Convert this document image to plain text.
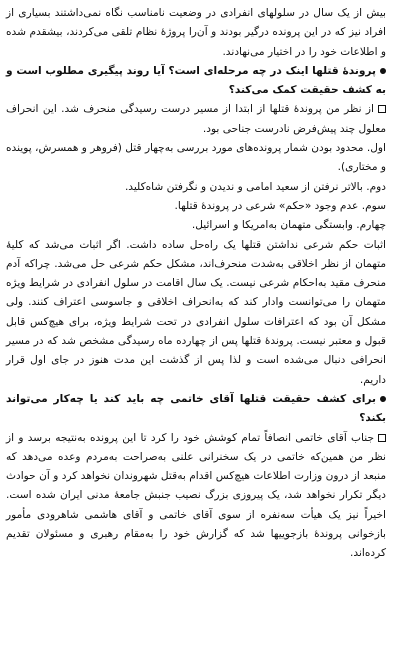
بیش از یک سال در سلولهای انفرادی در وضعیت نامناسب نگاه نمی‌داشتند بسیاری از افراد نیز که در این پرونده درگیر بودند و آن‌را پروژهٔ نظام تلقی می‌کردند، بیشقدم شده و اطلاعات خود را در اختیار می‌نهادند.

پروندهٔ قتلها اینک در چه مرحله‌ای است؟ آیا روند پیگیری مطلوب است و به کشف حقیقت کمک می‌کند؟

از نظر من پروندهٔ قتلها از ابتدا از مسیر درست رسیدگی منحرف شد. این انحراف معلول چند پیش‌فرض نادرست جناحی بود.

اول. محدود بودن شمار پرونده‌های مورد بررسی به‌چهار قتل (فروهر و همسرش، پوینده و مختاری).

دوم. بالاتر نرفتن از سعید امامی و ندیدن و نگرفتن شاه‌کلید.

سوم. عدم وجود «حکم» شرعی در پروندهٔ قتلها.

چهارم. وابستگی متهمان به‌امریکا و اسرائیل.

اثبات حکم شرعی نداشتن قتلها یک راه‌حل ساده داشت. اگر اثبات می‌شد که کلیهٔ متهمان از نظر اخلاقی به‌شدت منحرف‌اند، مشکل حکم شرعی حل می‌شد. چراکه آدم منحرف مقید به‌احکام شرعی نیست. یک سال اقامت در سلول انفرادی در شرایط ویژه متهمان را می‌توانست وادار کند که به‌انحراف اخلاقی و جاسوسی اعتراف کنند. ولی مشکل آن بود که اعترافات سلول انفرادی در تحت شرایط ویژه، برای هیچ‌کس قابل قبول و معتبر نیست. پروندهٔ قتلها پس از چهارده ماه رسیدگی مشخص شد که در مسیر انحرافی دنبال می‌شده است و لذا پس از گذشت این مدت هنوز در جای اول قرار داریم.

برای کشف حقیقت قتلها آقای خاتمی چه باید کند یا چه‌کار می‌تواند بکند؟

جناب آقای خاتمی انصافاً تمام کوشش خود را کرد تا این پرونده به‌نتیجه برسد و از نظر من همین‌که خاتمی در یک سخنرانی علنی به‌صراحت به‌مردم وعده می‌دهد که منبعد از درون وزارت اطلاعات هیچ‌کس اقدام به‌قتل شهروندان نخواهد کرد و آن حوادث دیگر تکرار نخواهد شد، یک پیروزی بزرگ نصیب جنبش جامعهٔ مدنی ایران شده است. اخیراً نیز یک هیأت سه‌نفره از سوی آقای خاتمی و آقای هاشمی شاهرودی مأمور بازخوانی پروندهٔ بازجوییها شد که گزارش خود را به‌مقام رهبری و مسئولان تقدیم کرده‌اند.
